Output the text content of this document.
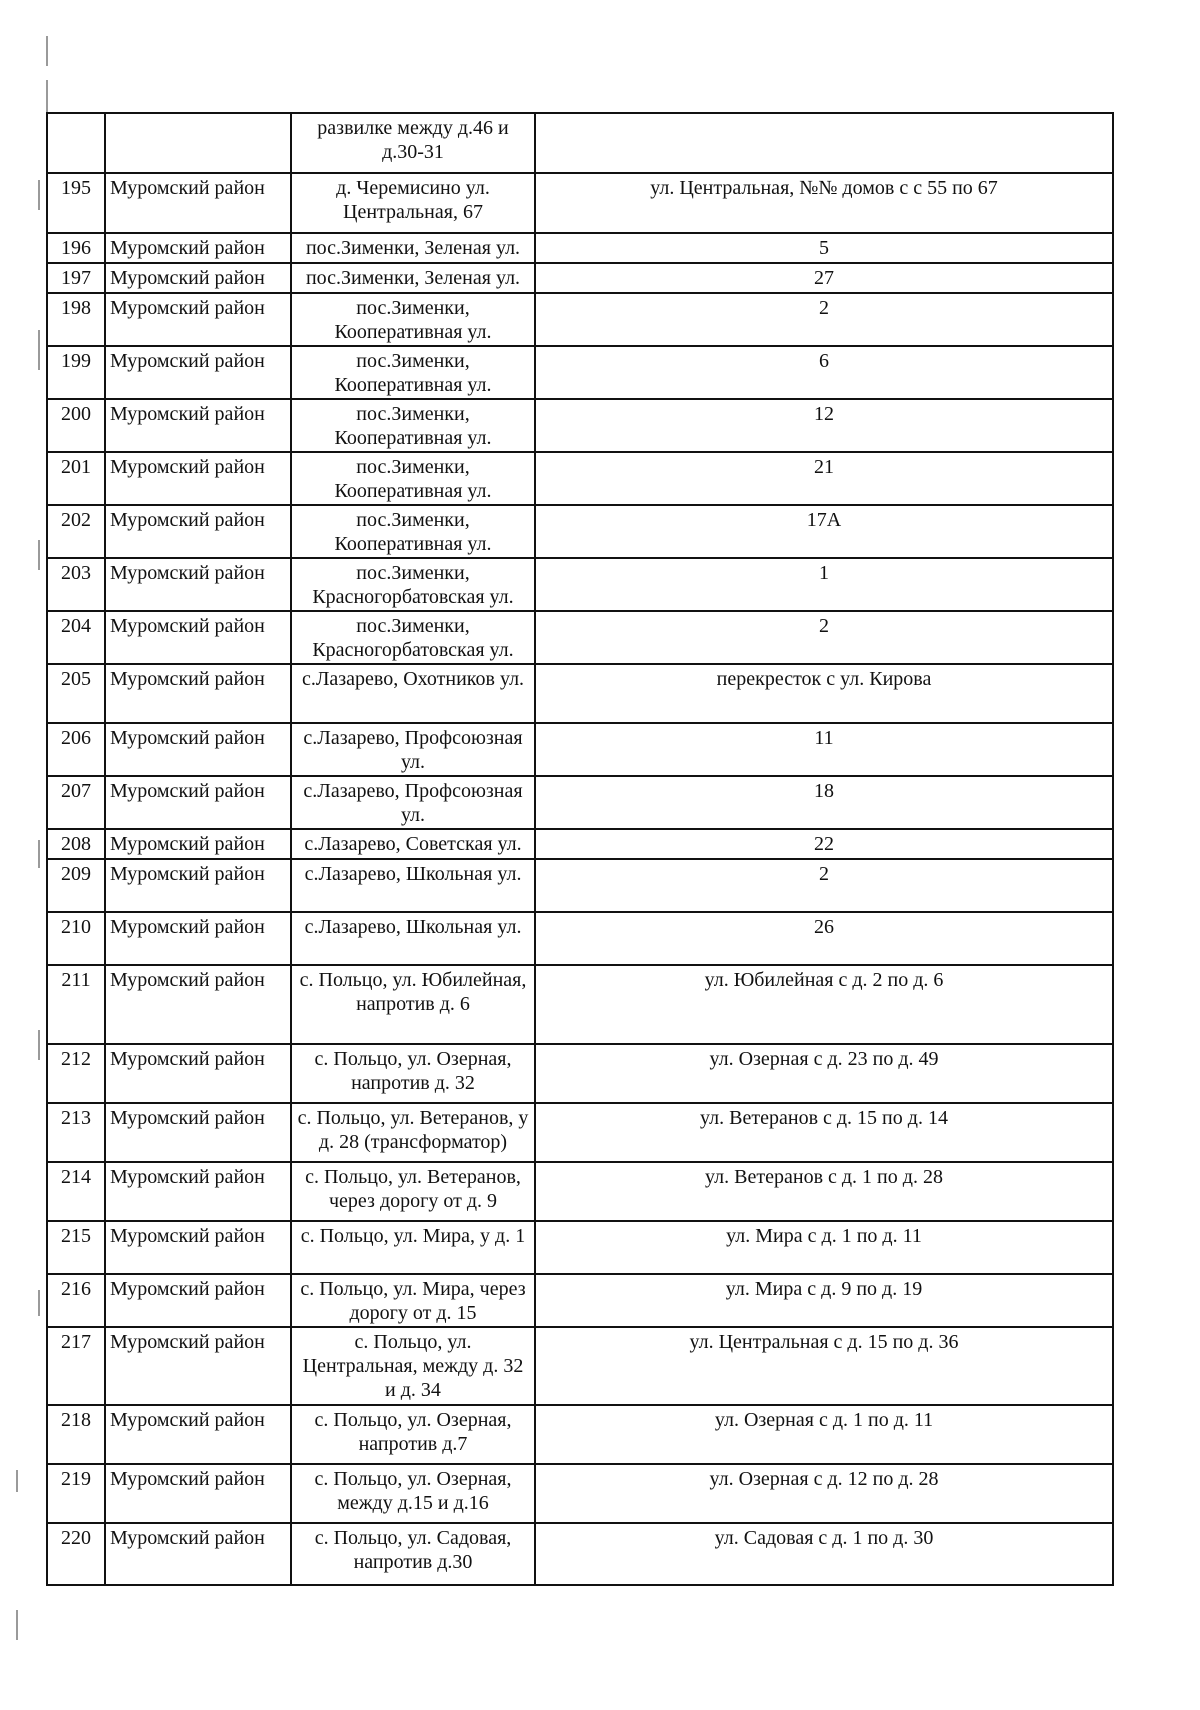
		развилке между д.46 и д.30-31	
195	Муромский район	д. Черемисино ул. Центральная, 67	ул. Центральная, №№ домов с с 55 по 67
196	Муромский район	пос.Зименки, Зеленая ул.	5
197	Муромский район	пос.Зименки, Зеленая ул.	27
198	Муромский район	пос.Зименки, Кооперативная ул.	2
199	Муромский район	пос.Зименки, Кооперативная ул.	6
200	Муромский район	пос.Зименки, Кооперативная ул.	12
201	Муромский район	пос.Зименки, Кооперативная ул.	21
202	Муромский район	пос.Зименки, Кооперативная ул.	17А
203	Муромский район	пос.Зименки, Красногорбатовская ул.	1
204	Муромский район	пос.Зименки, Красногорбатовская ул.	2
205	Муромский район	с.Лазарево, Охотников ул.	перекресток с ул. Кирова
206	Муромский район	с.Лазарево, Профсоюзная ул.	11
207	Муромский район	с.Лазарево, Профсоюзная ул.	18
208	Муромский район	с.Лазарево, Советская ул.	22
209	Муромский район	с.Лазарево, Школьная ул.	2
210	Муромский район	с.Лазарево, Школьная ул.	26
211	Муромский район	с. Польцо, ул. Юбилейная, напротив д. 6	ул. Юбилейная с д. 2 по д. 6
212	Муромский район	с. Польцо, ул. Озерная, напротив д. 32	ул. Озерная с д. 23 по д. 49
213	Муромский район	с. Польцо, ул. Ветеранов, у д. 28 (трансформатор)	ул. Ветеранов с д. 15 по д. 14
214	Муромский район	с. Польцо, ул. Ветеранов, через дорогу от д. 9	ул. Ветеранов с д. 1 по д. 28
215	Муромский район	с. Польцо, ул. Мира, у д. 1	ул. Мира с д. 1 по д. 11
216	Муромский район	с. Польцо, ул. Мира, через дорогу от д. 15	ул. Мира с д. 9 по д. 19
217	Муромский район	с. Польцо, ул. Центральная, между д. 32 и д. 34	ул. Центральная с д. 15 по д. 36
218	Муромский район	с. Польцо, ул. Озерная, напротив д.7	ул. Озерная с д. 1 по д. 11
219	Муромский район	с. Польцо, ул. Озерная, между д.15 и д.16	ул. Озерная с д. 12 по д. 28
220	Муромский район	с. Польцо, ул. Садовая, напротив д.30	ул. Садовая с д. 1 по д. 30
